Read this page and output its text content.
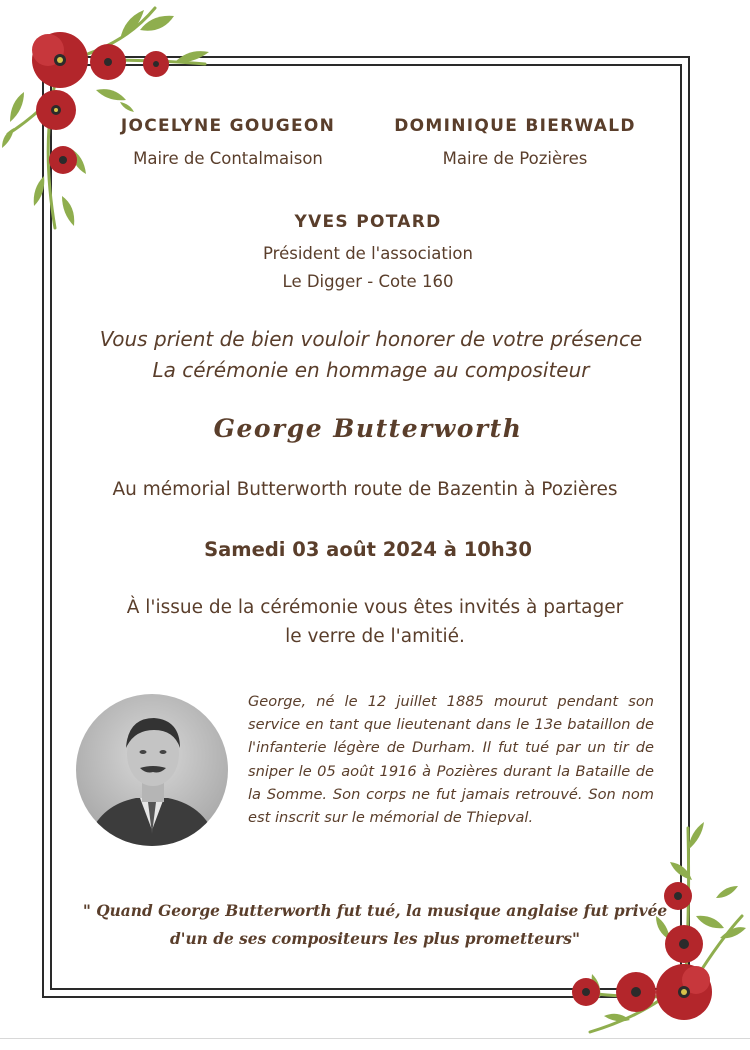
JOCELYNE GOUGEON
Maire de Contalmaison
DOMINIQUE BIERWALD
Maire de Pozières
YVES POTARD
Président de l'association
Le Digger - Cote 160
Vous prient de bien vouloir honorer de votre présence
La cérémonie en hommage au compositeur
George Butterworth
Au mémorial Butterworth route de Bazentin à Pozières
Samedi 03 août 2024 à 10h30
À l'issue de la cérémonie vous êtes invités à partager
le verre de l'amitié.
George, né le 12 juillet 1885 mourut pendant son service en tant que lieutenant dans le 13e bataillon de l'infanterie légère de Durham. Il fut tué par un tir de sniper le 05 août 1916 à Pozières durant la Bataille de la Somme. Son corps ne fut jamais retrouvé. Son nom est inscrit sur le mémorial de Thiepval.
" Quand George Butterworth fut tué, la musique anglaise fut privée
d'un de ses compositeurs les plus prometteurs"
